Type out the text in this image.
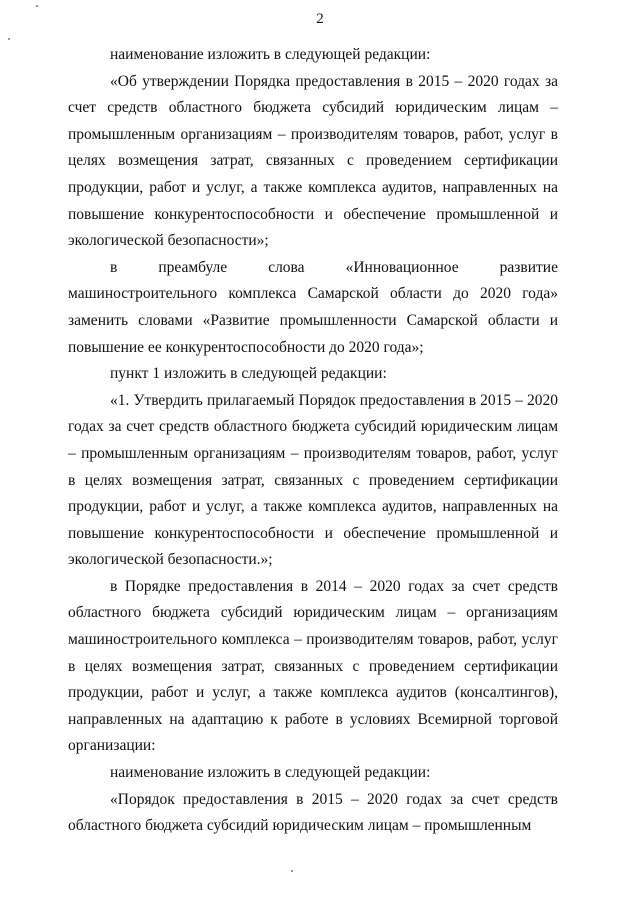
2

наименование изложить в следующей редакции:

«Об утверждении Порядка предоставления в 2015 – 2020 годах за счет средств областного бюджета субсидий юридическим лицам – промышленным организациям – производителям товаров, работ, услуг в целях возмещения затрат, связанных с проведением сертификации продукции, работ и услуг, а также комплекса аудитов, направленных на повышение конкурентоспособности и обеспечение промышленной и экологической безопасности»;

в преамбуле слова «Инновационное развитие машиностроительного комплекса Самарской области до 2020 года» заменить словами «Развитие промышленности Самарской области и повышение ее конкурентоспособности до 2020 года»;

пункт 1 изложить в следующей редакции:

«1. Утвердить прилагаемый Порядок предоставления в 2015 – 2020 годах за счет средств областного бюджета субсидий юридическим лицам – промышленным организациям – производителям товаров, работ, услуг в целях возмещения затрат, связанных с проведением сертификации продукции, работ и услуг, а также комплекса аудитов, направленных на повышение конкурентоспособности и обеспечение промышленной и экологической безопасности.»;

в Порядке предоставления в 2014 – 2020 годах за счет средств областного бюджета субсидий юридическим лицам – организациям машиностроительного комплекса – производителям товаров, работ, услуг в целях возмещения затрат, связанных с проведением сертификации продукции, работ и услуг, а также комплекса аудитов (консалтингов), направленных на адаптацию к работе в условиях Всемирной торговой организации:

наименование изложить в следующей редакции:

«Порядок предоставления в 2015 – 2020 годах за счет средств областного бюджета субсидий юридическим лицам – промышленным
